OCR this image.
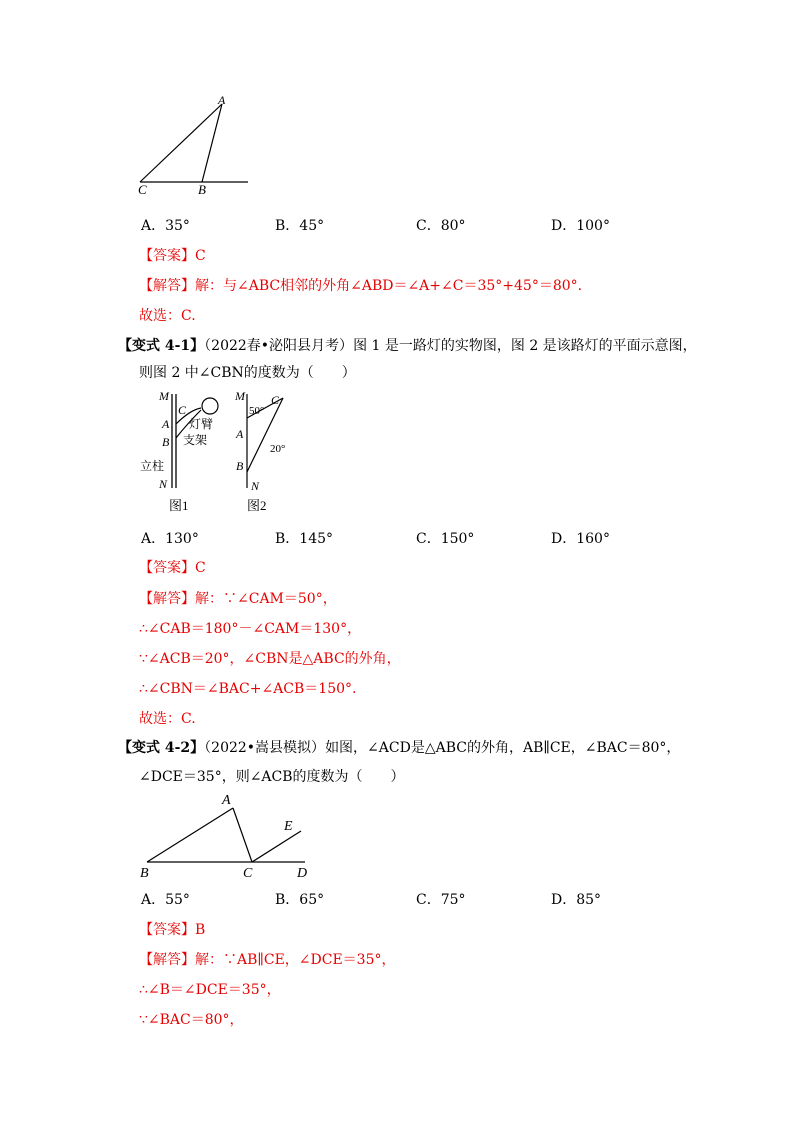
A
C	B
A．35°	B．45°	C．80°	D．100°
【答案】C
【解答】解：与∠ABC相邻的外角∠ABD＝∠A+∠C＝35°+45°＝80°.
故选：C.
【变式 4-1】（2022春•泌阳县月考）图 1 是一路灯的实物图，图 2 是该路灯的平面示意图，
则图 2 中∠CBN的度数为（　　）
M
C
A
B
N
灯臂
支架
立柱
图1
M
50°
C
A
20°
B
N
图2
A．130°	B．145°	C．150°	D．160°
【答案】C
【解答】解：∵∠CAM＝50°，
∴∠CAB＝180°－∠CAM＝130°，
∵∠ACB＝20°，∠CBN是△ABC的外角，
∴∠CBN＝∠BAC+∠ACB＝150°.
故选：C.
【变式 4-2】（2022•嵩县模拟）如图，∠ACD是△ABC的外角，AB∥CE，∠BAC＝80°，
∠DCE＝35°，则∠ACB的度数为（　　）
A
E
B	C	D
A．55°	B．65°	C．75°	D．85°
【答案】B
【解答】解：∵AB∥CE，∠DCE＝35°，
∴∠B＝∠DCE＝35°，
∵∠BAC＝80°，
